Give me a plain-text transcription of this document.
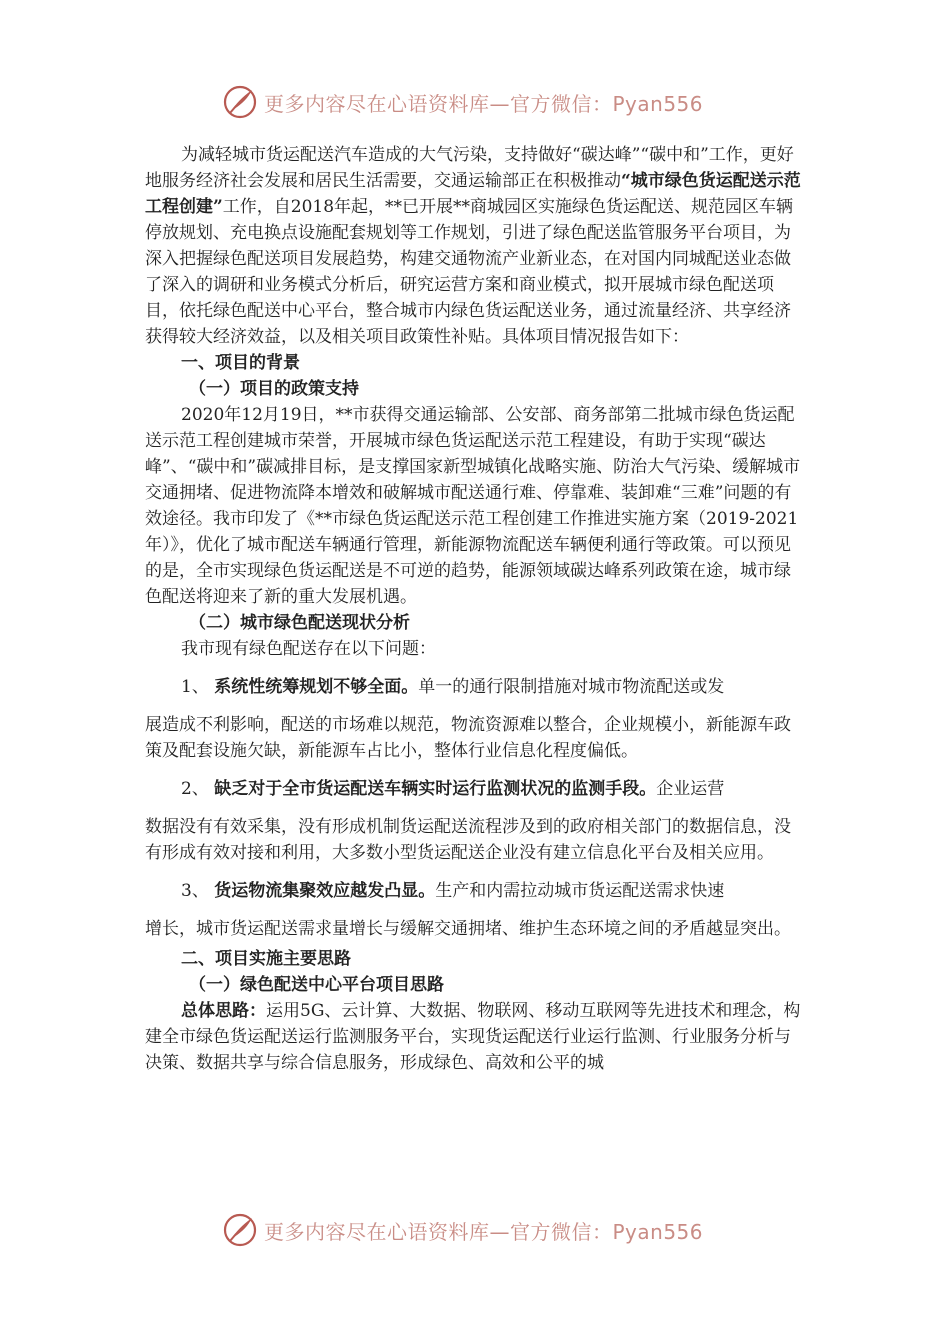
更多内容尽在心语资料库—官方微信：Pyan556

为减轻城市货运配送汽车造成的大气污染，支持做好“碳达峰”“碳中和”工作，更好地服务经济社会发展和居民生活需要，交通运输部正在积极推动“城市绿色货运配送示范工程创建”工作，自2018年起，**已开展**商城园区实施绿色货运配送、规范园区车辆停放规划、充电换点设施配套规划等工作规划，引进了绿色配送监管服务平台项目，为深入把握绿色配送项目发展趋势，构建交通物流产业新业态，在对国内同城配送业态做了深入的调研和业务模式分析后，研究运营方案和商业模式，拟开展城市绿色配送项目，依托绿色配送中心平台，整合城市内绿色货运配送业务，通过流量经济、共享经济获得较大经济效益，以及相关项目政策性补贴。具体项目情况报告如下：

一、项目的背景

（一）项目的政策支持

2020年12月19日，**市获得交通运输部、公安部、商务部第二批城市绿色货运配送示范工程创建城市荣誉，开展城市绿色货运配送示范工程建设，有助于实现“碳达峰”、“碳中和”碳减排目标，是支撑国家新型城镇化战略实施、防治大气污染、缓解城市交通拥堵、促进物流降本增效和破解城市配送通行难、停靠难、装卸难“三难”问题的有效途径。我市印发了《**市绿色货运配送示范工程创建工作推进实施方案（2019-2021年）》，优化了城市配送车辆通行管理，新能源物流配送车辆便利通行等政策。可以预见的是，全市实现绿色货运配送是不可逆的趋势，能源领域碳达峰系列政策在途，城市绿色配送将迎来了新的重大发展机遇。

（二）城市绿色配送现状分析

我市现有绿色配送存在以下问题：

1、 系统性统筹规划不够全面。单一的通行限制措施对城市物流配送或发

展造成不利影响，配送的市场难以规范，物流资源难以整合，企业规模小，新能源车政策及配套设施欠缺，新能源车占比小，整体行业信息化程度偏低。

2、 缺乏对于全市货运配送车辆实时运行监测状况的监测手段。企业运营

数据没有有效采集，没有形成机制货运配送流程涉及到的政府相关部门的数据信息，没有形成有效对接和利用，大多数小型货运配送企业没有建立信息化平台及相关应用。

3、 货运物流集聚效应越发凸显。生产和内需拉动城市货运配送需求快速

增长，城市货运配送需求量增长与缓解交通拥堵、维护生态环境之间的矛盾越显突出。

二、项目实施主要思路

（一）绿色配送中心平台项目思路

总体思路：运用5G、云计算、大数据、物联网、移动互联网等先进技术和理念，构建全市绿色货运配送运行监测服务平台，实现货运配送行业运行监测、行业服务分析与决策、数据共享与综合信息服务，形成绿色、高效和公平的城

更多内容尽在心语资料库—官方微信：Pyan556
